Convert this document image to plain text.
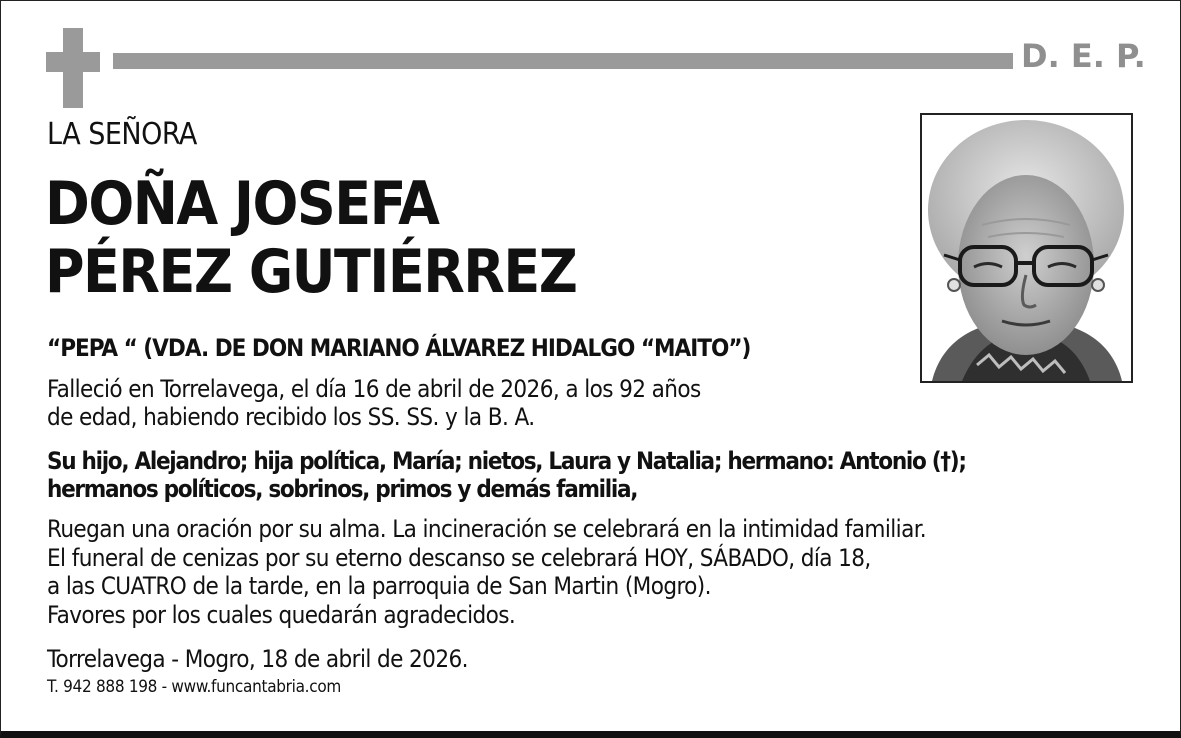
D. E. P.
LA SEÑORA
DOÑA JOSEFA
PÉREZ GUTIÉRREZ
“PEPA “ (VDA. DE DON MARIANO ÁLVAREZ HIDALGO “MAITO”)
Falleció en Torrelavega, el día 16 de abril de 2026, a los 92 años
de edad, habiendo recibido los SS. SS. y la B. A.
Su hijo, Alejandro; hija política, María; nietos, Laura y Natalia; hermano: Antonio (†);
hermanos políticos, sobrinos, primos y demás familia,
Ruegan una oración por su alma. La incineración se celebrará en la intimidad familiar.
El funeral de cenizas por su eterno descanso se celebrará HOY, SÁBADO, día 18,
a las CUATRO de la tarde, en la parroquia de San Martin (Mogro).
Favores por los cuales quedarán agradecidos.
Torrelavega - Mogro, 18 de abril de 2026.
T. 942 888 198 - www.funcantabria.com
